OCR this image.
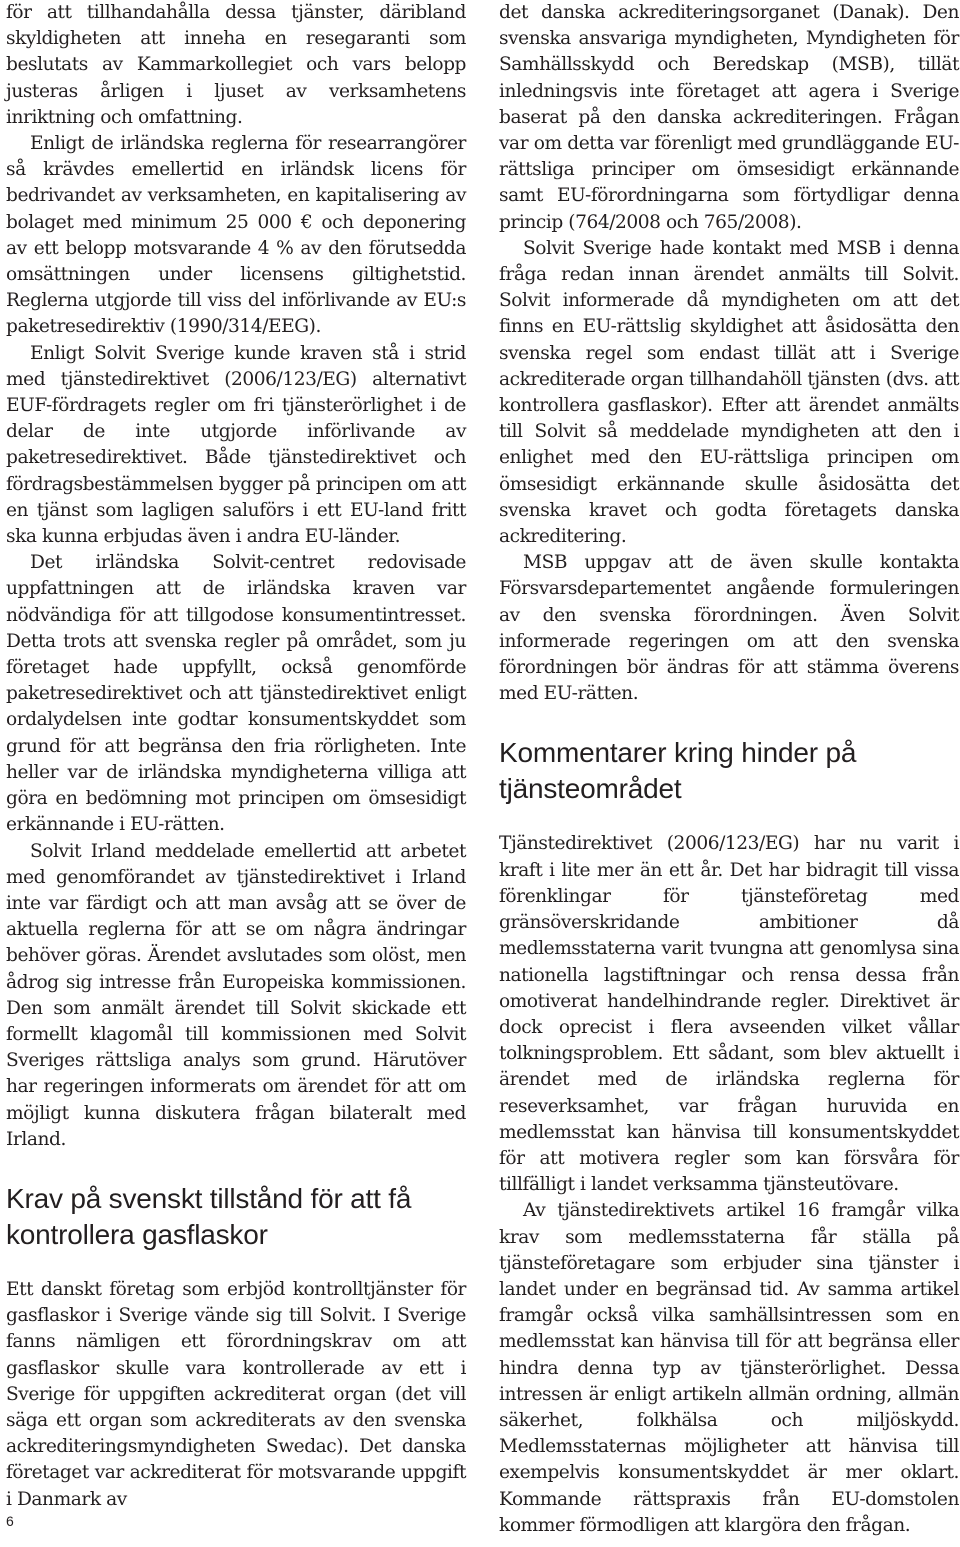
för att tillhandahålla dessa tjänster, däribland skyldigheten att inneha en resegaranti som beslutats av Kammarkollegiet och vars belopp justeras årligen i ljuset av verksamhetens inriktning och omfattning.

Enligt de irländska reglerna för researrangörer så krävdes emellertid en irländsk licens för bedrivandet av verksamheten, en kapitalisering av bolaget med minimum 25 000 € och deponering av ett belopp motsvarande 4 % av den förutsedda omsättningen under licensens giltighetstid. Reglerna utgjorde till viss del införlivande av EU:s paketresedirektiv (1990/314/EEG).

Enligt Solvit Sverige kunde kraven stå i strid med tjänstedirektivet (2006/123/EG) alternativt EUF-fördragets regler om fri tjänsterörlighet i de delar de inte utgjorde införlivande av paketresedirektivet. Både tjänstedirektivet och fördragsbestämmelsen bygger på principen om att en tjänst som lagligen saluförs i ett EU-land fritt ska kunna erbjudas även i andra EU-länder.

Det irländska Solvit-centret redovisade uppfattningen att de irländska kraven var nödvändiga för att tillgodose konsumentintresset. Detta trots att svenska regler på området, som ju företaget hade uppfyllt, också genomförde paketresedirektivet och att tjänstedirektivet enligt ordalydelsen inte godtar konsumentskyddet som grund för att begränsa den fria rörligheten. Inte heller var de irländska myndigheterna villiga att göra en bedömning mot principen om ömsesidigt erkännande i EU-rätten.

Solvit Irland meddelade emellertid att arbetet med genomförandet av tjänstedirektivet i Irland inte var färdigt och att man avsåg att se över de aktuella reglerna för att se om några ändringar behöver göras. Ärendet avslutades som olöst, men ådrog sig intresse från Europeiska kommissionen. Den som anmält ärendet till Solvit skickade ett formellt klagomål till kommissionen med Solvit Sveriges rättsliga analys som grund. Härutöver har regeringen informerats om ärendet för att om möjligt kunna diskutera frågan bilateralt med Irland.

Krav på svenskt tillstånd för att få kontrollera gasflaskor

Ett danskt företag som erbjöd kontrolltjänster för gasflaskor i Sverige vände sig till Solvit. I Sverige fanns nämligen ett förordningskrav om att gasflaskor skulle vara kontrollerade av ett i Sverige för uppgiften ackrediterat organ (det vill säga ett organ som ackrediterats av den svenska ackrediteringsmyndigheten Swedac). Det danska företaget var ackrediterat för motsvarande uppgift i Danmark av

det danska ackrediteringsorganet (Danak). Den svenska ansvariga myndigheten, Myndigheten för Samhällsskydd och Beredskap (MSB), tillät inledningsvis inte företaget att agera i Sverige baserat på den danska ackrediteringen. Frågan var om detta var förenligt med grundläggande EU-rättsliga principer om ömsesidigt erkännande samt EU-förordningarna som förtydligar denna princip (764/2008 och 765/2008).

Solvit Sverige hade kontakt med MSB i denna fråga redan innan ärendet anmälts till Solvit. Solvit informerade då myndigheten om att det finns en EU-rättslig skyldighet att åsidosätta den svenska regel som endast tillät att i Sverige ackrediterade organ tillhandahöll tjänsten (dvs. att kontrollera gasflaskor). Efter att ärendet anmälts till Solvit så meddelade myndigheten att den i enlighet med den EU-rättsliga principen om ömsesidigt erkännande skulle åsidosätta det svenska kravet och godta företagets danska ackreditering.

MSB uppgav att de även skulle kontakta Försvarsdepartementet angående formuleringen av den svenska förordningen. Även Solvit informerade regeringen om att den svenska förordningen bör ändras för att stämma överens med EU-rätten.

Kommentarer kring hinder på tjänsteområdet

Tjänstedirektivet (2006/123/EG) har nu varit i kraft i lite mer än ett år. Det har bidragit till vissa förenklingar för tjänsteföretag med gränsöverskridande ambitioner då medlemsstaterna varit tvungna att genomlysa sina nationella lagstiftningar och rensa dessa från omotiverat handelhindrande regler. Direktivet är dock oprecist i flera avseenden vilket vållar tolkningsproblem. Ett sådant, som blev aktuellt i ärendet med de irländska reglerna för reseverksamhet, var frågan huruvida en medlemsstat kan hänvisa till konsumentskyddet för att motivera regler som kan försvåra för tillfälligt i landet verksamma tjänsteutövare.

Av tjänstedirektivets artikel 16 framgår vilka krav som medlemsstaterna får ställa på tjänsteföretagare som erbjuder sina tjänster i landet under en begränsad tid. Av samma artikel framgår också vilka samhällsintressen som en medlemsstat kan hänvisa till för att begränsa eller hindra denna typ av tjänsterörlighet. Dessa intressen är enligt artikeln allmän ordning, allmän säkerhet, folkhälsa och miljöskydd. Medlemsstaternas möjligheter att hänvisa till exempelvis konsumentskyddet är mer oklart. Kommande rättspraxis från EU-domstolen kommer förmodligen att klargöra den frågan.

6
